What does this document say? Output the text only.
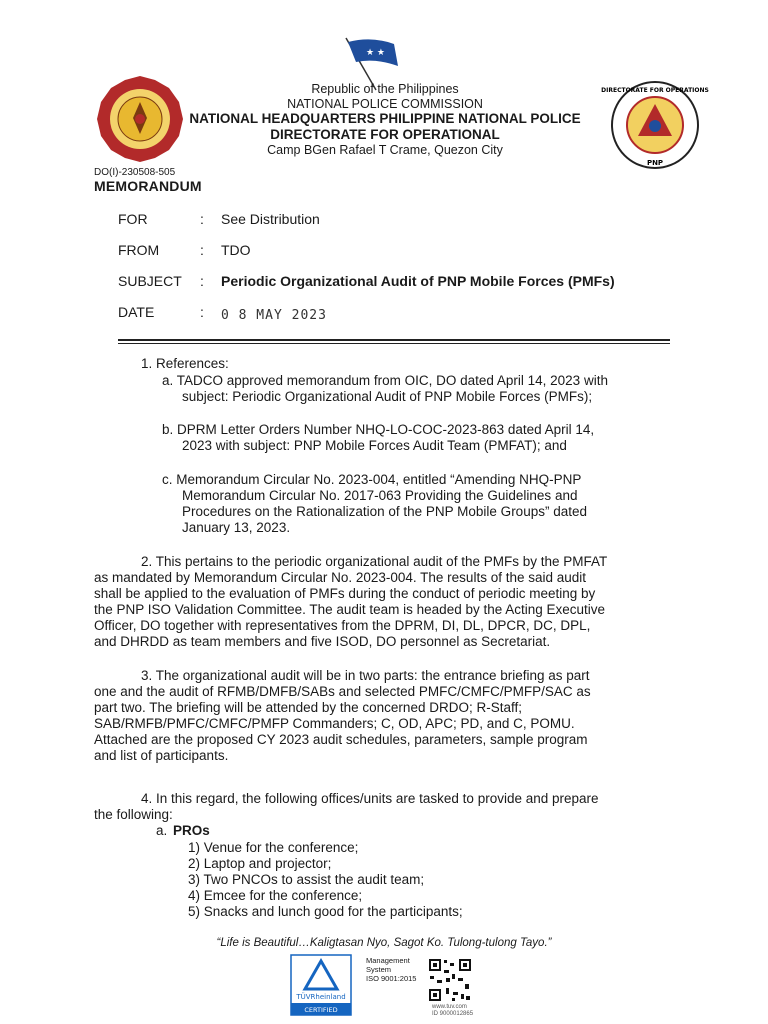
★ ★
DIRECTORATE FOR OPERATIONS
PNP
Republic of the Philippines
NATIONAL POLICE COMMISSION
NATIONAL HEADQUARTERS PHILIPPINE NATIONAL POLICE
DIRECTORATE FOR OPERATIONAL
Camp BGen Rafael T Crame, Quezon City
DO(I)-230508-505
MEMORANDUM
FOR	: See Distribution
FROM	: TDO
SUBJECT	: Periodic Organizational Audit of PNP Mobile Forces (PMFs)
DATE	: 0 8 MAY 2023
1. References:
a. TADCO approved memorandum from OIC, DO dated April 14, 2023 with
subject: Periodic Organizational Audit of PNP Mobile Forces (PMFs);
b. DPRM Letter Orders Number NHQ-LO-COC-2023-863 dated April 14,
2023 with subject: PNP Mobile Forces Audit Team (PMFAT); and
c. Memorandum Circular No. 2023-004, entitled “Amending NHQ-PNP
Memorandum Circular No. 2017-063 Providing the Guidelines and
Procedures on the Rationalization of the PNP Mobile Groups” dated
January 13, 2023.
2. This pertains to the periodic organizational audit of the PMFs by the PMFAT
as mandated by Memorandum Circular No. 2023-004. The results of the said audit
shall be applied to the evaluation of PMFs during the conduct of periodic meeting by
the PNP ISO Validation Committee. The audit team is headed by the Acting Executive
Officer, DO together with representatives from the DPRM, DI, DL, DPCR, DC, DPL,
and DHRDD as team members and five ISOD, DO personnel as Secretariat.
3. The organizational audit will be in two parts: the entrance briefing as part
one and the audit of RFMB/DMFB/SABs and selected PMFC/CMFC/PMFP/SAC as
part two. The briefing will be attended by the concerned DRDO; R-Staff;
SAB/RMFB/PMFC/CMFC/PMFP Commanders; C, OD, APC; PD, and C, POMU.
Attached are the proposed CY 2023 audit schedules, parameters, sample program
and list of participants.
4. In this regard, the following offices/units are tasked to provide and prepare
the following:
a. PROs
1) Venue for the conference;
2) Laptop and projector;
3) Two PNCOs to assist the audit team;
4) Emcee for the conference;
5) Snacks and lunch good for the participants;
“Life is Beautiful…Kaligtasan Nyo, Sagot Ko. Tulong-tulong Tayo.”
TÜVRheinland
CERTIFIED
Management
System
ISO 9001:2015
www.tuv.com
ID 9000012865
